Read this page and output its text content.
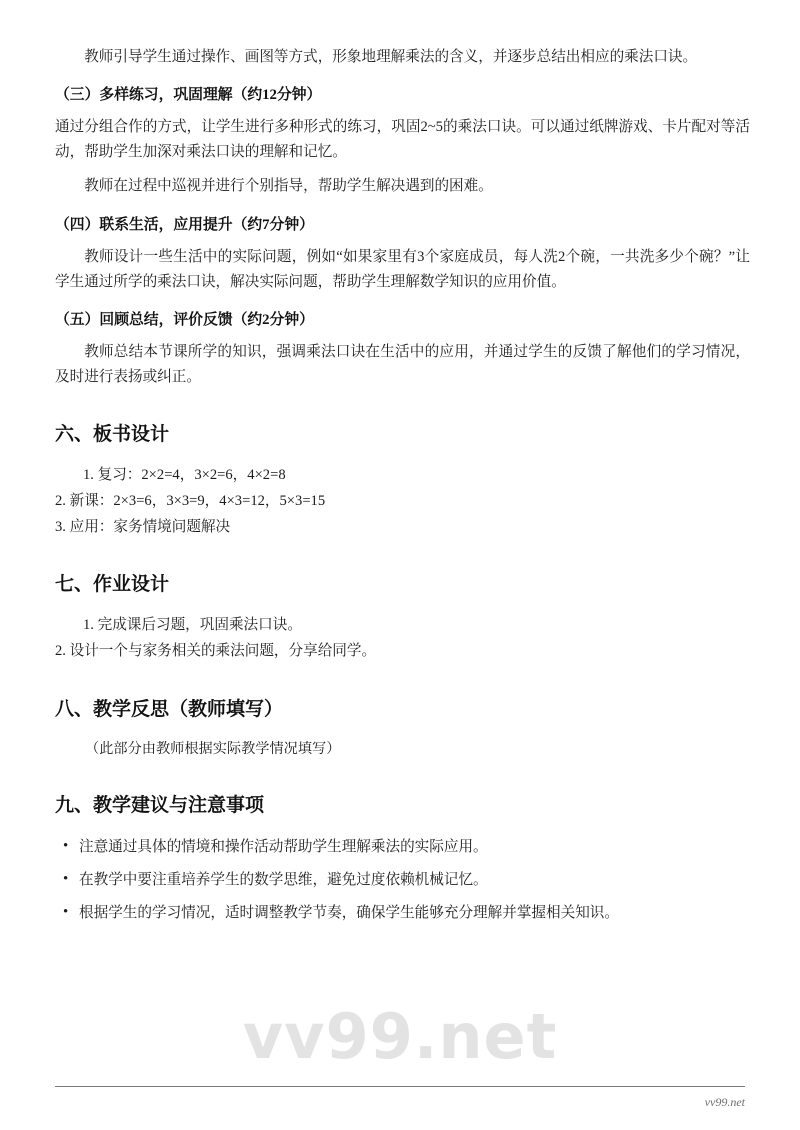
教师引导学生通过操作、画图等方式，形象地理解乘法的含义，并逐步总结出相应的乘法口诀。

（三）多样练习，巩固理解（约12分钟）

通过分组合作的方式，让学生进行多种形式的练习，巩固2~5的乘法口诀。可以通过纸牌游戏、卡片配对等活动，帮助学生加深对乘法口诀的理解和记忆。

教师在过程中巡视并进行个别指导，帮助学生解决遇到的困难。

（四）联系生活，应用提升（约7分钟）

教师设计一些生活中的实际问题，例如“如果家里有3个家庭成员，每人洗2个碗，一共洗多少个碗？”让学生通过所学的乘法口诀，解决实际问题，帮助学生理解数学知识的应用价值。

（五）回顾总结，评价反馈（约2分钟）

教师总结本节课所学的知识，强调乘法口诀在生活中的应用，并通过学生的反馈了解他们的学习情况，及时进行表扬或纠正。

六、板书设计
1. 复习：2×2=4，3×2=6，4×2=8
2. 新课：2×3=6，3×3=9，4×3=12，5×3=15
3. 应用：家务情境问题解决
七、作业设计
1. 完成课后习题，巩固乘法口诀。
2. 设计一个与家务相关的乘法问题，分享给同学。
八、教学反思（教师填写）

（此部分由教师根据实际教学情况填写）

九、教学建议与注意事项
• 注意通过具体的情境和操作活动帮助学生理解乘法的实际应用。
• 在教学中要注重培养学生的数学思维，避免过度依赖机械记忆。
• 根据学生的学习情况，适时调整教学节奏，确保学生能够充分理解并掌握相关知识。
vv99.net
vv99.net
